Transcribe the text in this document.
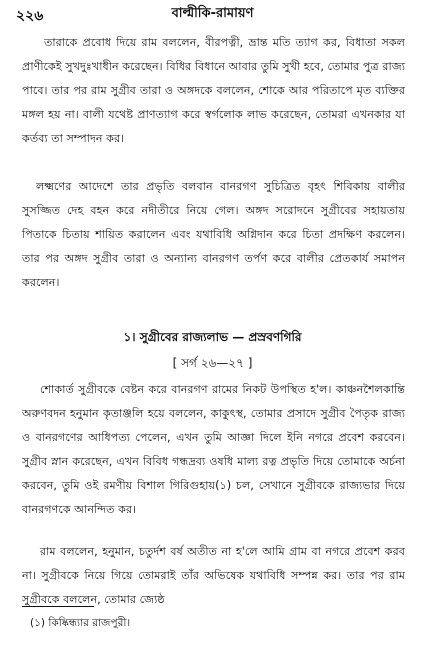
২২৬	বাল্মীকি-রামায়ণ

তারাকে প্রবোধ দিয়ে রাম বললেন, বীরপত্নী, ভ্রান্ত মতি ত্যাগ কর, বিধাতা সকল প্রাণীকেই সুখদুঃখাধীন করেছেন। বিধির বিধানে আবার তুমি সুখী হবে, তোমার পুত্র রাজ্য পাবে। তার পর রাম সুগ্রীব তারা ও অঙ্গদকে বললেন, শোকে আর পরিতাপে মৃত ব্যক্তির মঙ্গল হয় না। বালী যথেষ্ট প্রাণত্যাগ করে স্বর্গলোক লাভ করেছেন, তোমরা এখনকার যা কর্তব্য তা সম্পাদন কর।

লক্ষ্মণের আদেশে তার প্রভৃতি বলবান বানরগণ সুচিত্রিত বৃহৎ শিবিকায় বালীর সুসজ্জিত দেহ বহন করে নদীতীরে নিয়ে গেল। অঙ্গদ সরোদনে সুগ্রীবের সহায়তায় পিতাকে চিতায় শায়িত করালেন এবং যথাবিধি অগ্নিদান করে চিতা প্রদক্ষিণ করলেন। তার পর অঙ্গদ সুগ্রীব তারা ও অন্যান্য বানরগণ তর্পণ করে বালীর প্রেতকার্য সমাপন করলেন।

১। সুগ্রীবের রাজ্যলাভ — প্রস্রবণগিরি
[ সর্গ ২৬—২৭ ]

শোকার্ত সুগ্রীবকে বেষ্টন করে বানরগণ রামের নিকট উপস্থিত হ'ল। কাঞ্চনশৈলকান্তি অরুণবদন হনুমান কৃতাঞ্জলি হয়ে বললেন, কাকুৎস্থ, তোমার প্রসাদে সুগ্রীব পৈতৃক রাজ্য ও বানরগণের আধিপত্য পেলেন, এখন তুমি আজ্ঞা দিলে ইনি নগরে প্রবেশ করবেন। সুগ্রীব স্নান করেছেন, এখন বিবিধ গন্ধদ্রব্য ওষধি মাল্য রত্ন প্রভৃতি দিয়ে তোমাকে অর্চনা করবেন, তুমি ওই রমণীয় বিশাল গিরিগুহায়(১) চল, সেখানে সুগ্রীবকে রাজ্যভার দিয়ে বানরগণকে আনন্দিত কর।

রাম বললেন, হনুমান, চতুর্দশ বর্ষ অতীত না হ'লে আমি গ্রাম বা নগরে প্রবেশ করব না। সুগ্রীবকে নিয়ে গিয়ে তোমরাই তাঁর অভিষেক যথাবিধি সম্পন্ন কর। তার পর রাম সুগ্রীবকে বললেন, তোমার জ্যেষ্ঠ

(১) কিষ্কিন্ধ্যার রাজপুরী।
